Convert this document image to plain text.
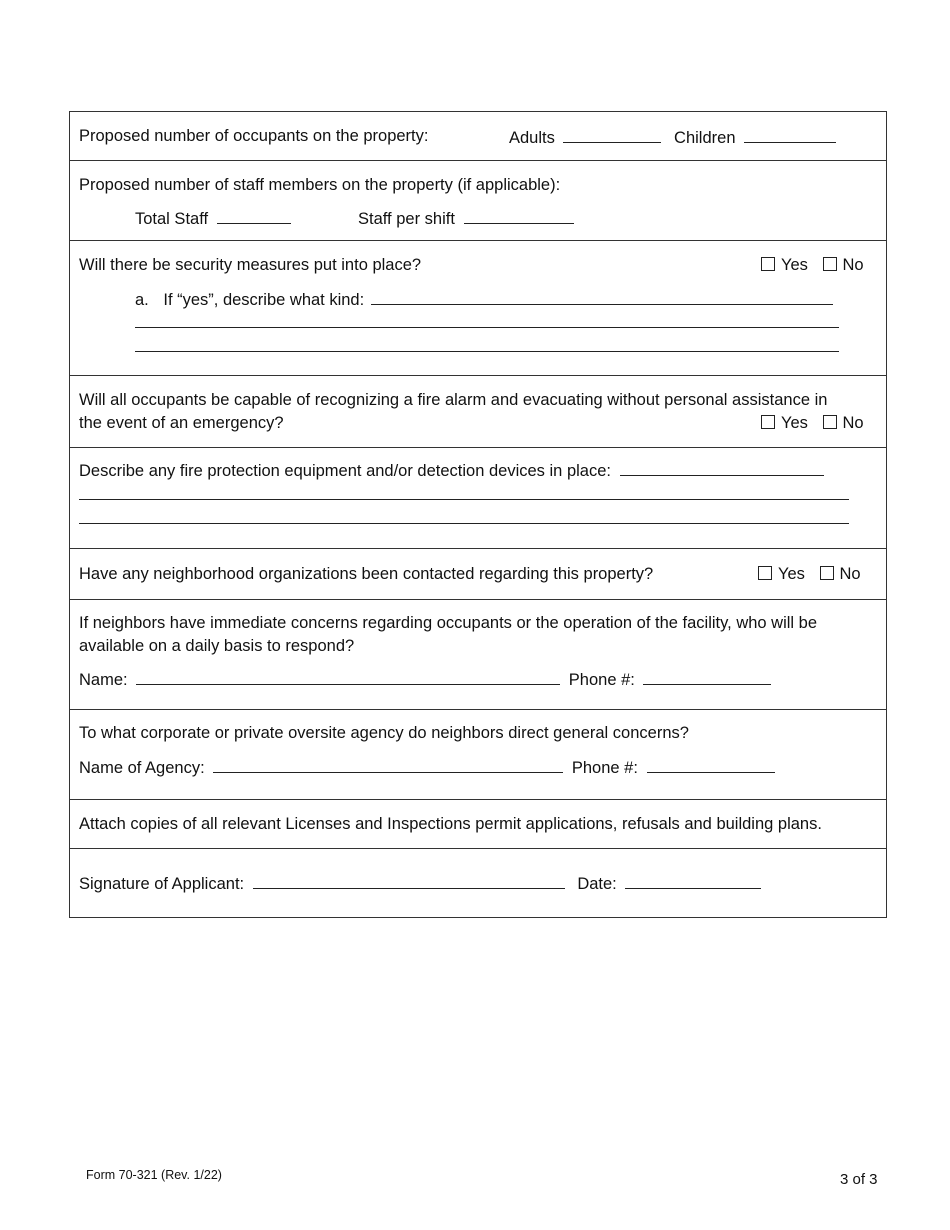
Proposed number of occupants on the property:	Adults	Children
Proposed number of staff members on the property (if applicable):
Total Staff	Staff per shift
Will there be security measures put into place?	Yes No
a. If “yes”, describe what kind:
Will all occupants be capable of recognizing a fire alarm and evacuating without personal assistance in
the event of an emergency?	Yes No
Describe any fire protection equipment and/or detection devices in place:
Have any neighborhood organizations been contacted regarding this property?	Yes No
If neighbors have immediate concerns regarding occupants or the operation of the facility, who will be
available on a daily basis to respond?
Name:	Phone #:
To what corporate or private oversite agency do neighbors direct general concerns?
Name of Agency:	Phone #:
Attach copies of all relevant Licenses and Inspections permit applications, refusals and building plans.
Signature of Applicant:	Date:
Form 70-321 (Rev. 1/22)	3 of 3
